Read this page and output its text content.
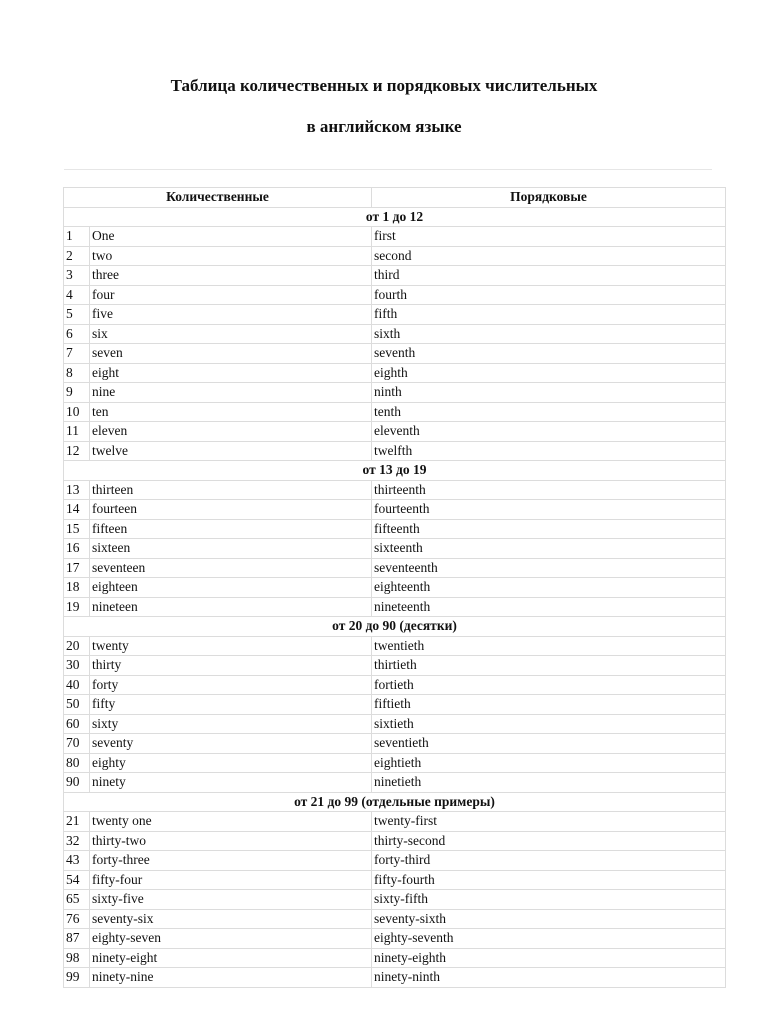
Таблица количественных и порядковых числительных
в английском языке
Количественные		Порядковые
от 1 до 12		
1	One	first
2	two	second
3	three	third
4	four	fourth
5	five	fifth
6	six	sixth
7	seven	seventh
8	eight	eighth
9	nine	ninth
10	ten	tenth
11	eleven	eleventh
12	twelve	twelfth
от 13 до 19		
13	thirteen	thirteenth
14	fourteen	fourteenth
15	fifteen	fifteenth
16	sixteen	sixteenth
17	seventeen	seventeenth
18	eighteen	eighteenth
19	nineteen	nineteenth
от 20 до 90 (десятки)		
20	twenty	twentieth
30	thirty	thirtieth
40	forty	fortieth
50	fifty	fiftieth
60	sixty	sixtieth
70	seventy	seventieth
80	eighty	eightieth
90	ninety	ninetieth
от 21 до 99 (отдельные примеры)		
21	twenty one	twenty-first
32	thirty-two	thirty-second
43	forty-three	forty-third
54	fifty-four	fifty-fourth
65	sixty-five	sixty-fifth
76	seventy-six	seventy-sixth
87	eighty-seven	eighty-seventh
98	ninety-eight	ninety-eighth
99	ninety-nine	ninety-ninth
